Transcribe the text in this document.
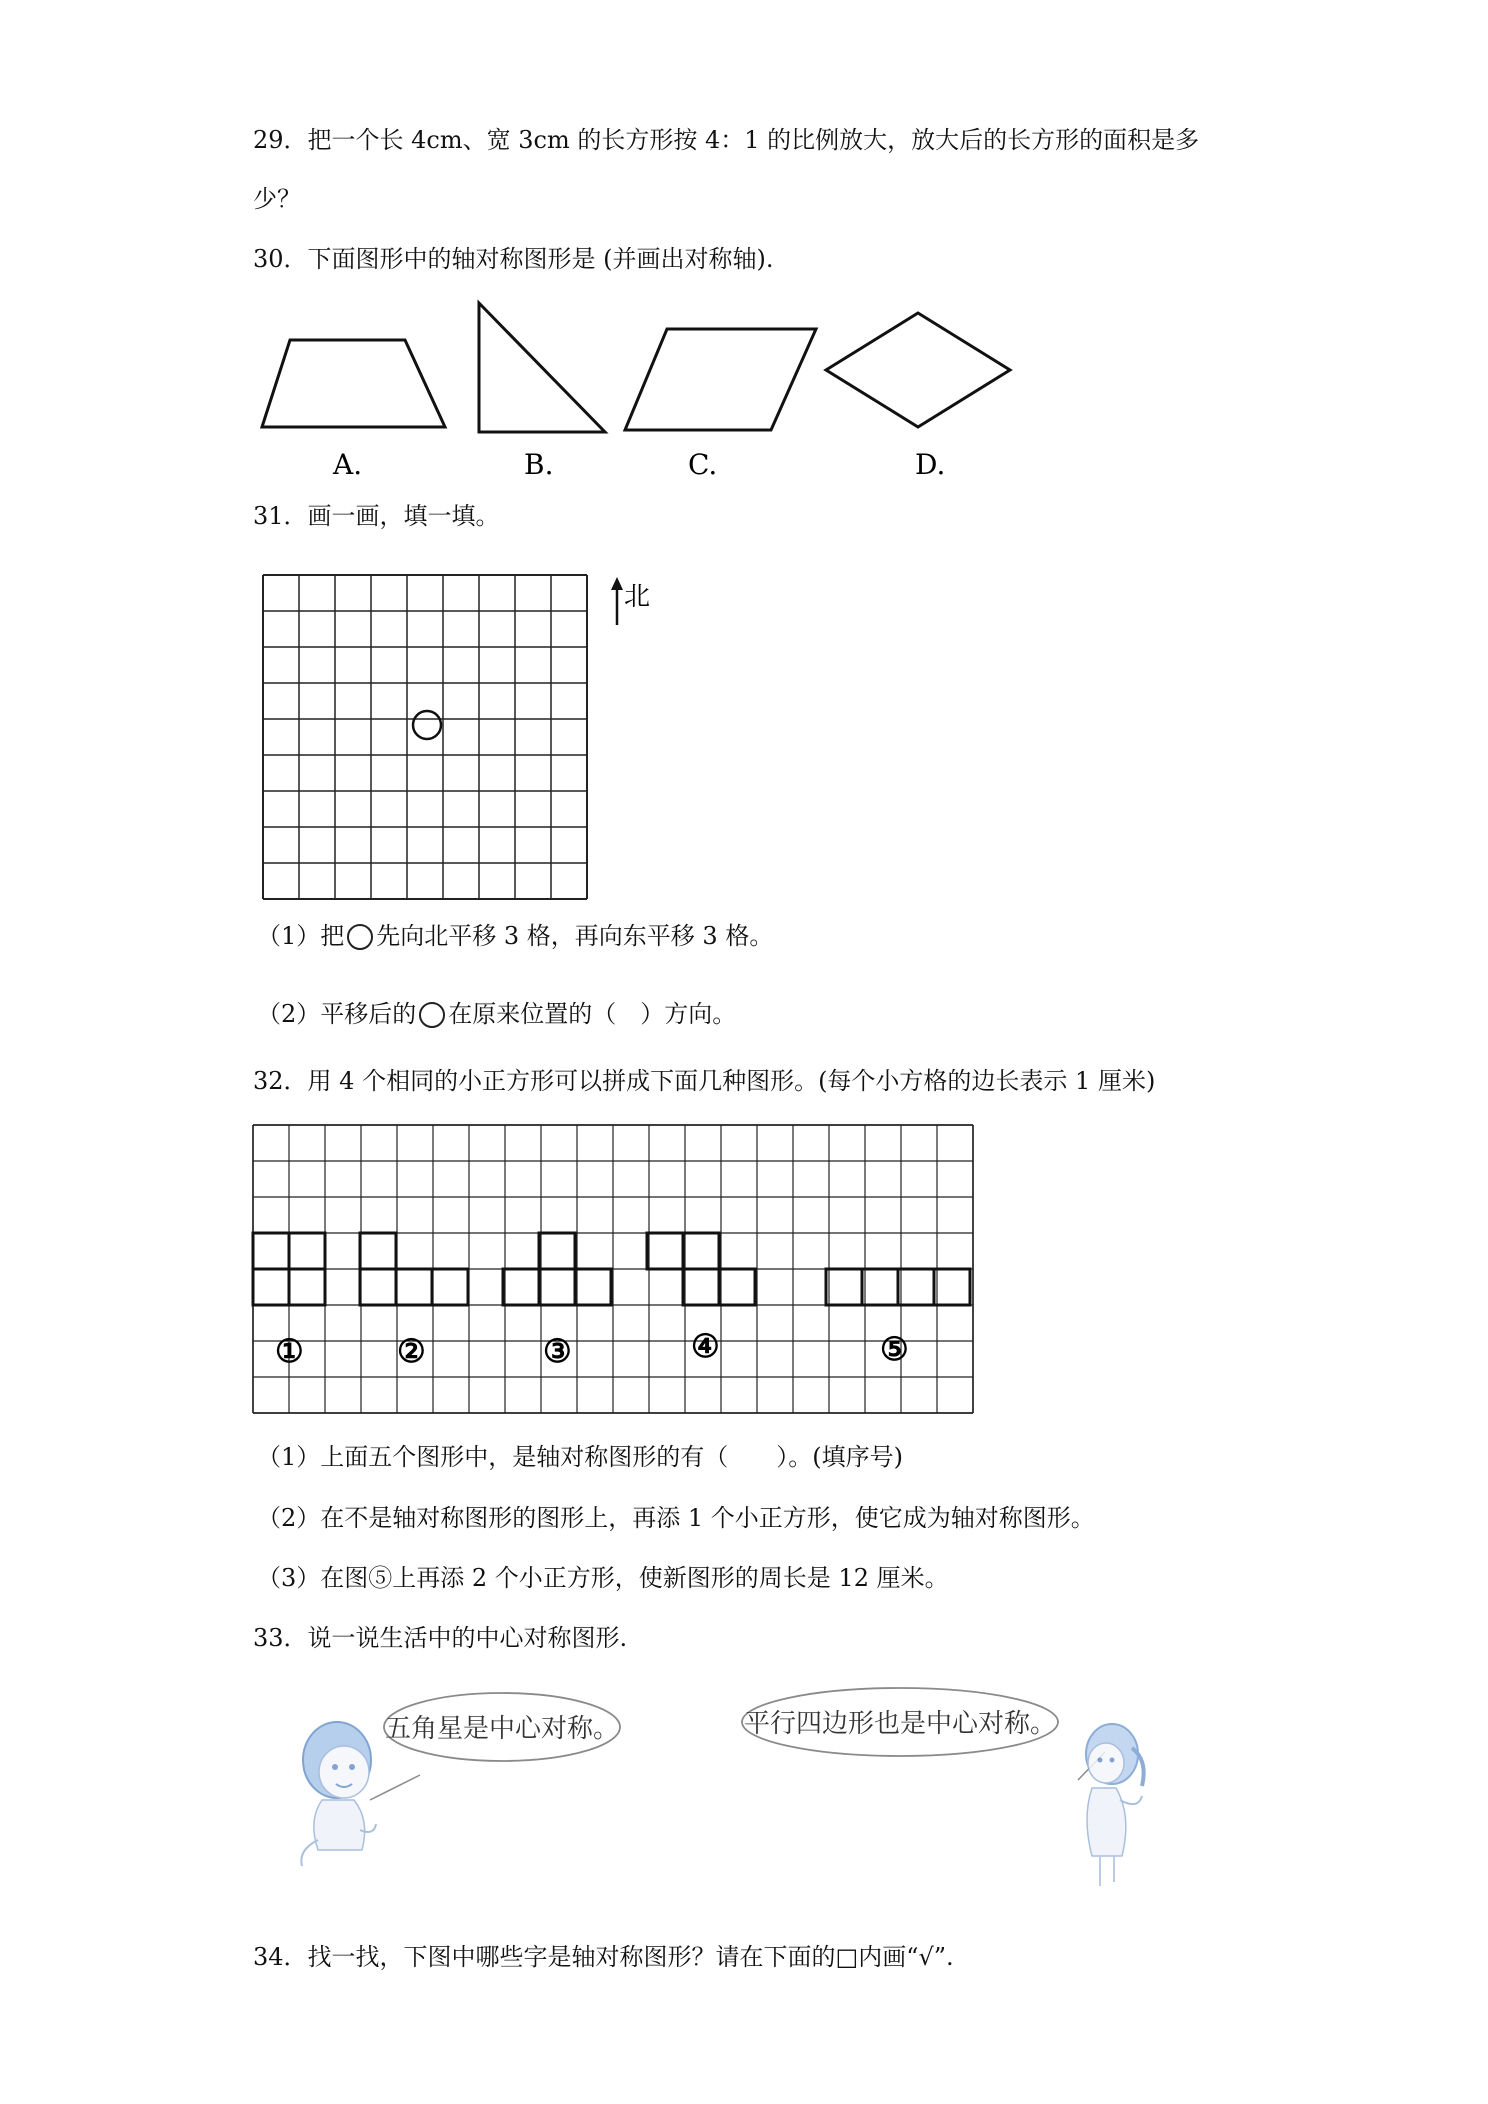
29．把一个长 4cm、宽 3cm 的长方形按 4：1 的比例放大，放大后的长方形的面积是多
少？
30．下面图形中的轴对称图形是 (并画出对称轴).
A.	B.	C.	D.
31．画一画，填一填。
北
（1）把 先向北平移 3 格，再向东平移 3 格。
（2）平移后的 在原来位置的（　）方向。
32．用 4 个相同的小正方形可以拼成下面几种图形。(每个小方格的边长表示 1 厘米)
①	②	③	④	⑤
（1）上面五个图形中，是轴对称图形的有（　　）。(填序号)
（2）在不是轴对称图形的图形上，再添 1 个小正方形，使它成为轴对称图形。
（3）在图⑤上再添 2 个小正方形，使新图形的周长是 12 厘米。
33．说一说生活中的中心对称图形.
五角星是中心对称。	平行四边形也是中心对称。
34．找一找，下图中哪些字是轴对称图形？请在下面的□内画“√”.
